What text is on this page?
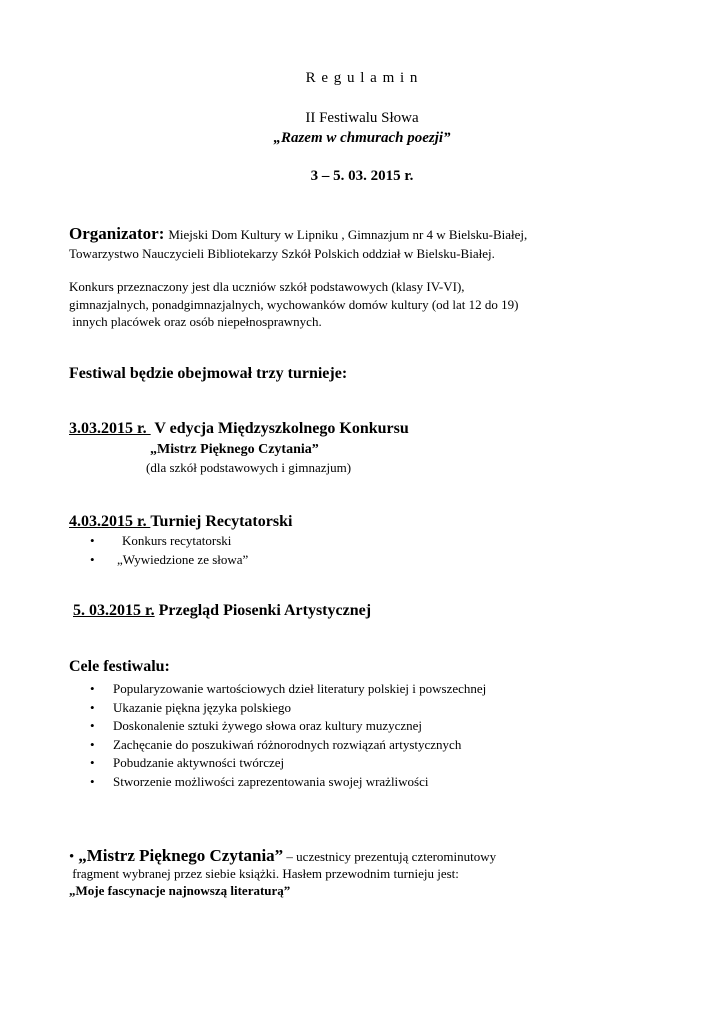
R e g u l a m i n
II Festiwalu Słowa
„Razem w chmurach poezji”
3 – 5. 03. 2015 r.
Organizator: Miejski Dom Kultury w Lipniku , Gimnazjum nr 4 w Bielsku-Białej,
Towarzystwo Nauczycieli Bibliotekarzy Szkół Polskich oddział w Bielsku-Białej.
Konkurs przeznaczony jest dla uczniów szkół podstawowych (klasy IV-VI),
gimnazjalnych, ponadgimnazjalnych, wychowanków domów kultury (od lat 12 do 19)
innych placówek oraz osób niepełnosprawnych.
Festiwal będzie obejmował trzy turnieje:
3.03.2015 r.  V edycja Międzyszkolnego Konkursu
„Mistrz Pięknego Czytania”
(dla szkół podstawowych i gimnazjum)
4.03.2015 r. Turniej Recytatorski
• Konkurs recytatorski
• „Wywiedzione ze słowa”
5. 03.2015 r. Przegląd Piosenki Artystycznej
Cele festiwalu:
• Popularyzowanie wartościowych dzieł literatury polskiej i powszechnej
• Ukazanie piękna języka polskiego
• Doskonalenie sztuki żywego słowa oraz kultury muzycznej
• Zachęcanie do poszukiwań różnorodnych rozwiązań artystycznych
• Pobudzanie aktywności twórczej
• Stworzenie możliwości zaprezentowania swojej wrażliwości
• „Mistrz Pięknego Czytania” – uczestnicy prezentują czterominutowy
fragment wybranej przez siebie książki. Hasłem przewodnim turnieju jest:
„Moje fascynacje najnowszą literaturą”
